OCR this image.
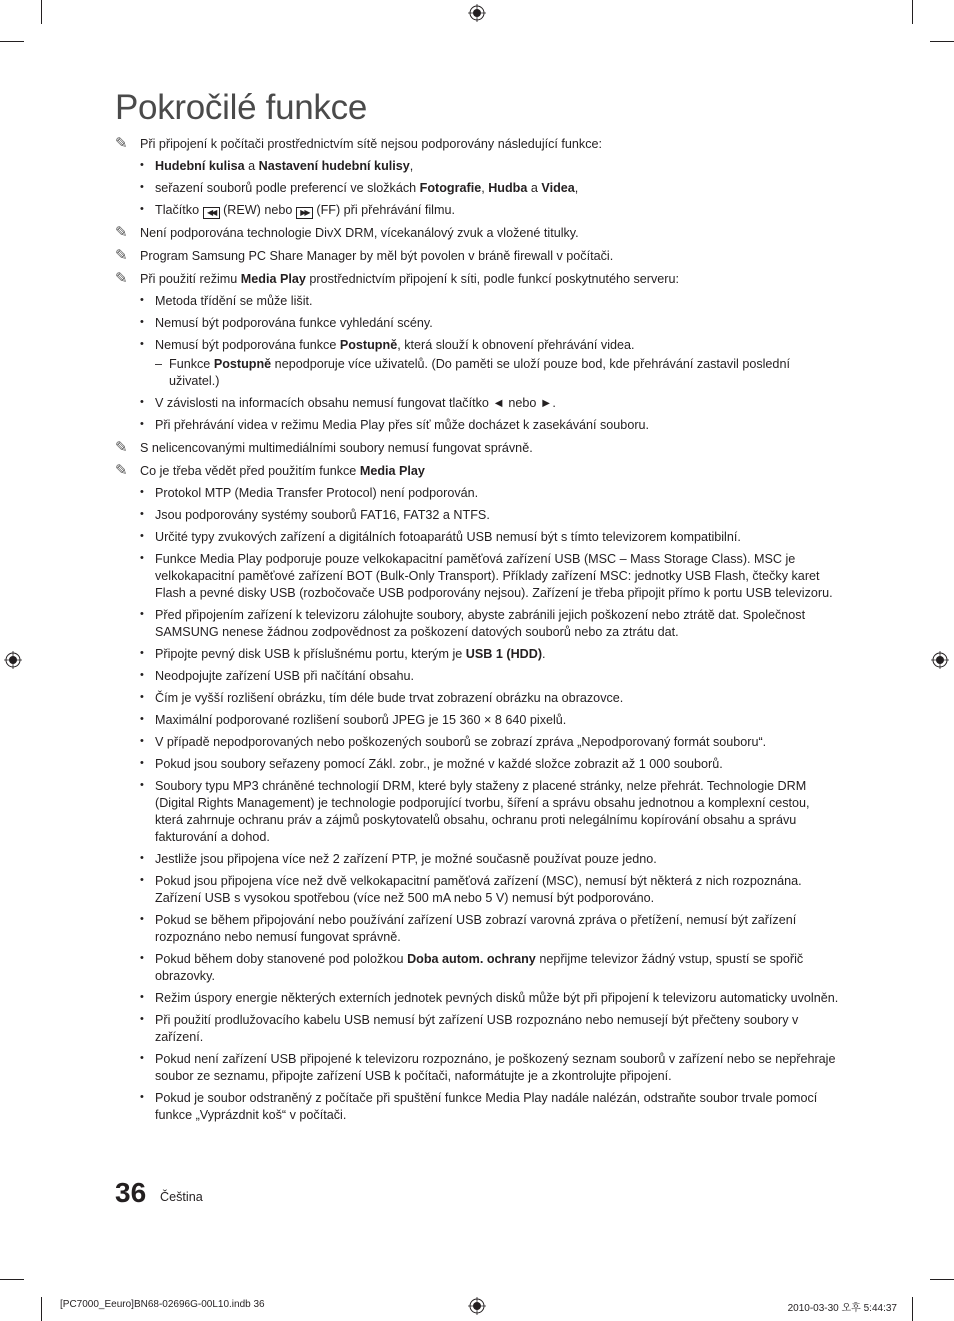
Pokročilé funkce
✎ Při připojení k počítači prostřednictvím sítě nejsou podporovány následující funkce:
• Hudební kulisa a Nastavení hudební kulisy,
• seřazení souborů podle preferencí ve složkách Fotografie, Hudba a Videa,
• Tlačítko ◀◀ (REW) nebo ▶▶ (FF) při přehrávání filmu.
✎ Není podporována technologie DivX DRM, vícekanálový zvuk a vložené titulky.
✎ Program Samsung PC Share Manager by měl být povolen v bráně firewall v počítači.
✎ Při použití režimu Media Play prostřednictvím připojení k síti, podle funkcí poskytnutého serveru:
• Metoda třídění se může lišit.
• Nemusí být podporována funkce vyhledání scény.
• Nemusí být podporována funkce Postupně, která slouží k obnovení přehrávání videa.
– Funkce Postupně nepodporuje více uživatelů. (Do paměti se uloží pouze bod, kde přehrávání zastavil poslední uživatel.)
• V závislosti na informacích obsahu nemusí fungovat tlačítko ◄ nebo ►.
• Při přehrávání videa v režimu Media Play přes síť může docházet k zasekávání souboru.
✎ S nelicencovanými multimediálními soubory nemusí fungovat správně.
✎ Co je třeba vědět před použitím funkce Media Play
• Protokol MTP (Media Transfer Protocol) není podporován.
• Jsou podporovány systémy souborů FAT16, FAT32 a NTFS.
• Určité typy zvukových zařízení a digitálních fotoaparátů USB nemusí být s tímto televizorem kompatibilní.
• Funkce Media Play podporuje pouze velkokapacitní paměťová zařízení USB (MSC – Mass Storage Class). MSC je velkokapacitní paměťové zařízení BOT (Bulk-Only Transport). Příklady zařízení MSC: jednotky USB Flash, čtečky karet Flash a pevné disky USB (rozbočovače USB podporovány nejsou). Zařízení je třeba připojit přímo k portu USB televizoru.
• Před připojením zařízení k televizoru zálohujte soubory, abyste zabránili jejich poškození nebo ztrátě dat. Společnost SAMSUNG nenese žádnou zodpovědnost za poškození datových souborů nebo za ztrátu dat.
• Připojte pevný disk USB k příslušnému portu, kterým je USB 1 (HDD).
• Neodpojujte zařízení USB při načítání obsahu.
• Čím je vyšší rozlišení obrázku, tím déle bude trvat zobrazení obrázku na obrazovce.
• Maximální podporované rozlišení souborů JPEG je 15 360 × 8 640 pixelů.
• V případě nepodporovaných nebo poškozených souborů se zobrazí zpráva „Nepodporovaný formát souboru“.
• Pokud jsou soubory seřazeny pomocí Zákl. zobr., je možné v každé složce zobrazit až 1 000 souborů.
• Soubory typu MP3 chráněné technologií DRM, které byly staženy z placené stránky, nelze přehrát. Technologie DRM (Digital Rights Management) je technologie podporující tvorbu, šíření a správu obsahu jednotnou a komplexní cestou, která zahrnuje ochranu práv a zájmů poskytovatelů obsahu, ochranu proti nelegálnímu kopírování obsahu a správu fakturování a dohod.
• Jestliže jsou připojena více než 2 zařízení PTP, je možné současně používat pouze jedno.
• Pokud jsou připojena více než dvě velkokapacitní paměťová zařízení (MSC), nemusí být některá z nich rozpoznána. Zařízení USB s vysokou spotřebou (více než 500 mA nebo 5 V) nemusí být podporováno.
• Pokud se během připojování nebo používání zařízení USB zobrazí varovná zpráva o přetížení, nemusí být zařízení rozpoznáno nebo nemusí fungovat správně.
• Pokud během doby stanovené pod položkou Doba autom. ochrany nepřijme televizor žádný vstup, spustí se spořič obrazovky.
• Režim úspory energie některých externích jednotek pevných disků může být při připojení k televizoru automaticky uvolněn.
• Při použití prodlužovacího kabelu USB nemusí být zařízení USB rozpoznáno nebo nemusejí být přečteny soubory v zařízení.
• Pokud není zařízení USB připojené k televizoru rozpoznáno, je poškozený seznam souborů v zařízení nebo se nepřehraje soubor ze seznamu, připojte zařízení USB k počítači, naformátujte je a zkontrolujte připojení.
• Pokud je soubor odstraněný z počítače při spuštění funkce Media Play nadále nalézán, odstraňte soubor trvale pomocí funkce „Vyprázdnit koš“ v počítači.
36 Čeština
[PC7000_Eeuro]BN68-02696G-00L10.indb 36	2010-03-30 오후 5:44:37
